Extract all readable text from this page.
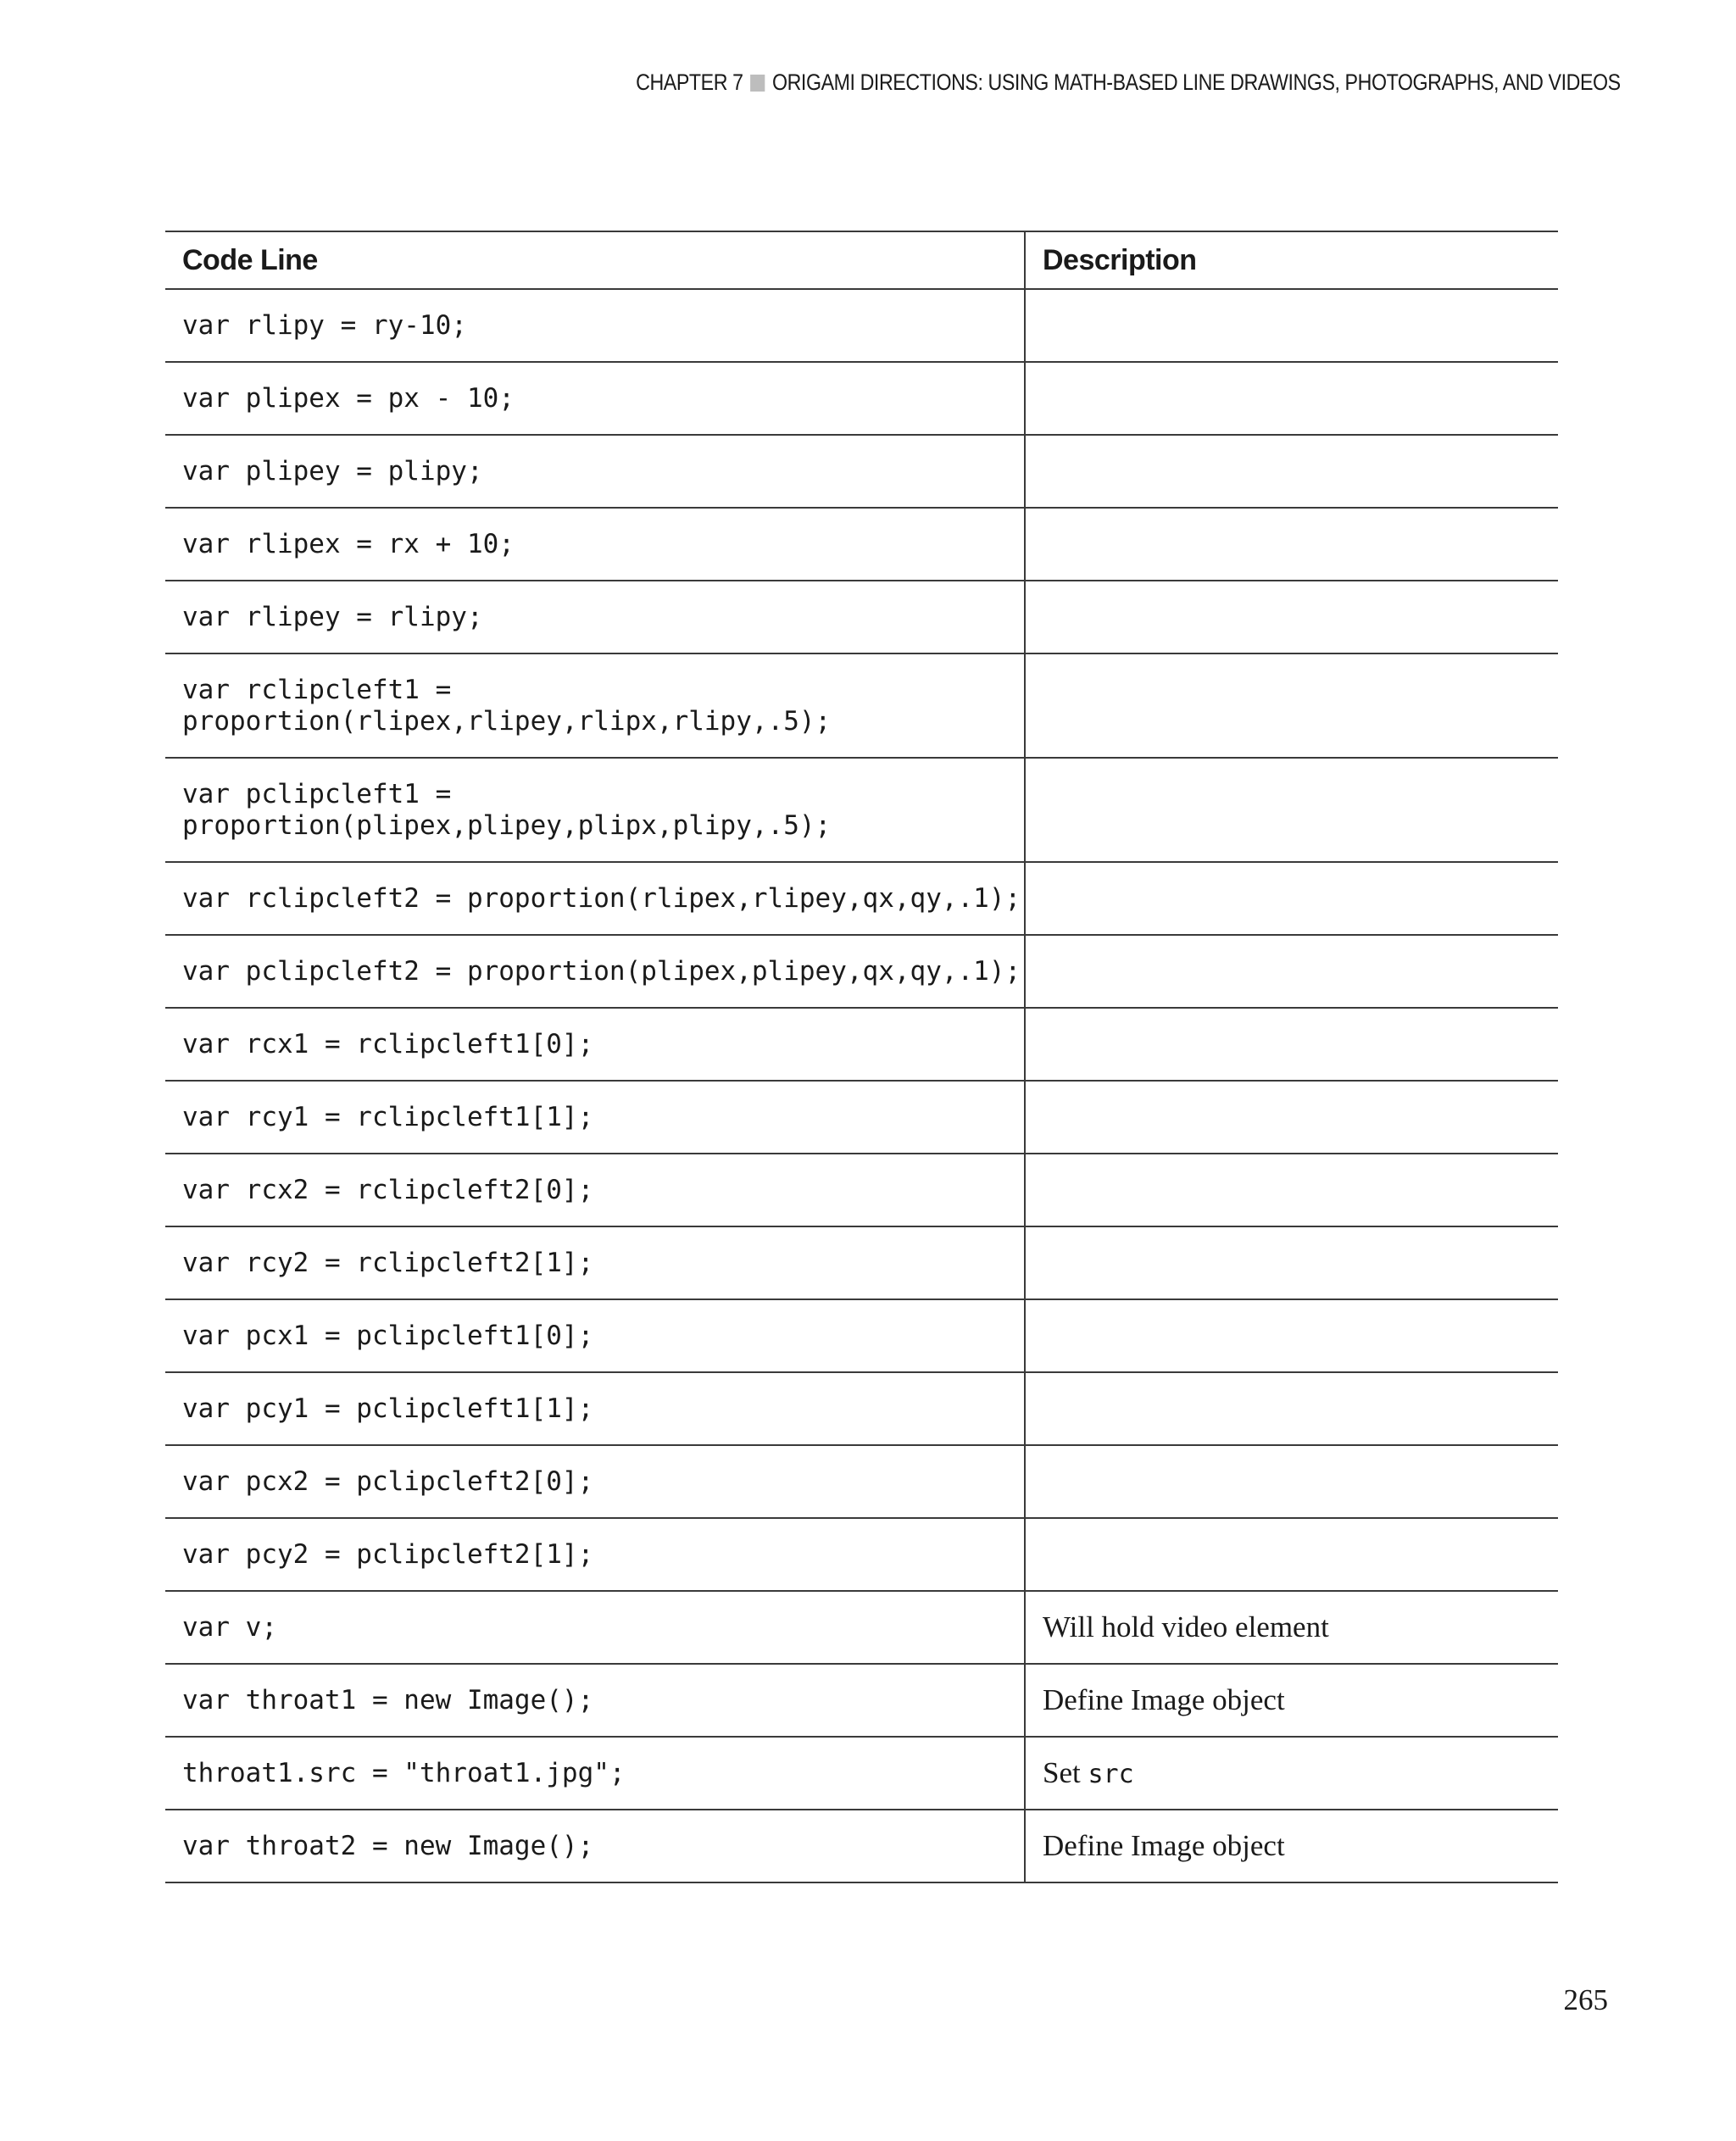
CHAPTER 7 ORIGAMI DIRECTIONS: USING MATH-BASED LINE DRAWINGS, PHOTOGRAPHS, AND VIDEOS
Code Line	Description
var rlipy = ry-10;	
var plipex = px - 10;	
var plipey = plipy;	
var rlipex = rx + 10;	
var rlipey = rlipy;	

var rclipcleft1 =
proportion(rlipex,rlipey,rlipx,rlipy,.5);	

var pclipcleft1 =
proportion(plipex,plipey,plipx,plipy,.5);	

var rclipcleft2 = proportion(rlipex,rlipey,qx,qy,.1);	
var pclipcleft2 = proportion(plipex,plipey,qx,qy,.1);	
var rcx1 = rclipcleft1[0];	
var rcy1 = rclipcleft1[1];	
var rcx2 = rclipcleft2[0];	
var rcy2 = rclipcleft2[1];	
var pcx1 = pclipcleft1[0];	
var pcy1 = pclipcleft1[1];	
var pcx2 = pclipcleft2[0];	
var pcy2 = pclipcleft2[1];	
var v;	Will hold video element
var throat1 = new Image();	Define Image object
throat1.src = "throat1.jpg";	Set src
var throat2 = new Image();	Define Image object
265
